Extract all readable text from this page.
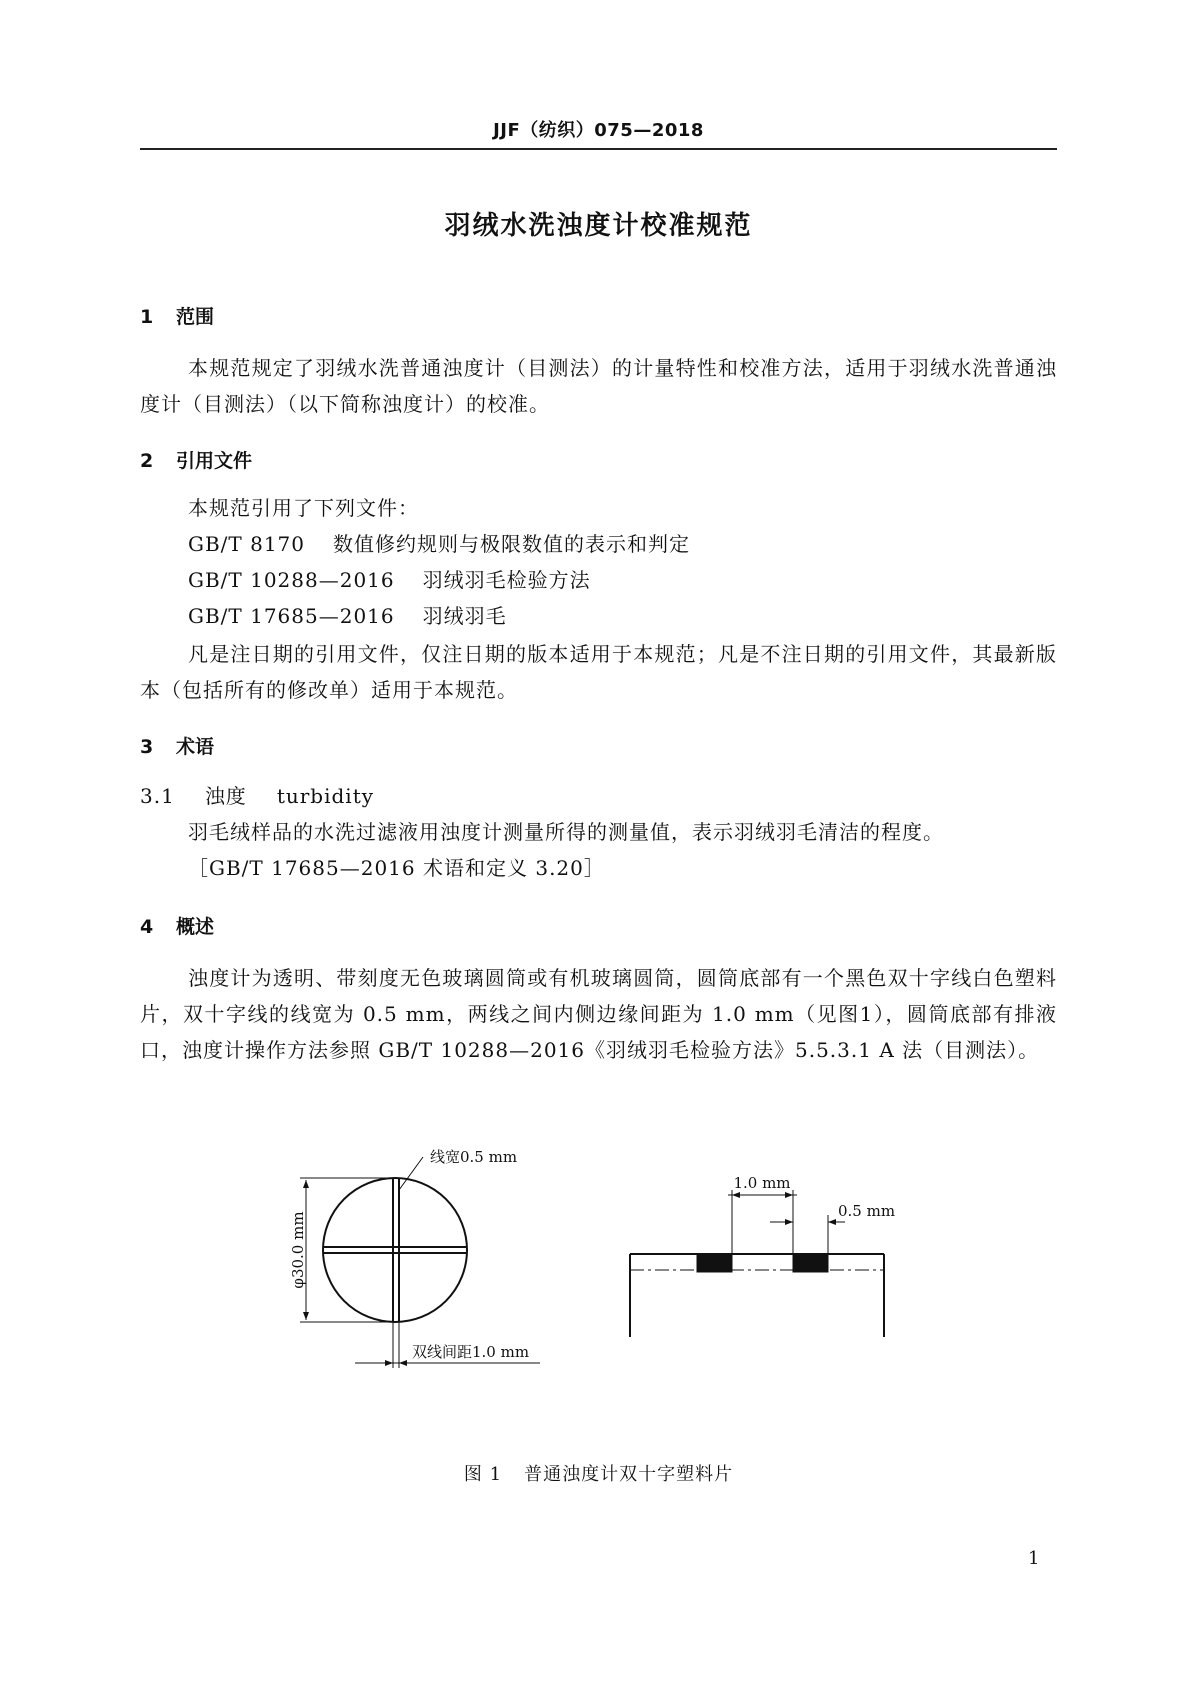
JJF（纺织）075—2018
羽绒水洗浊度计校准规范
1 范围
本规范规定了羽绒水洗普通浊度计（目测法）的计量特性和校准方法，适用于羽绒水洗普通浊度计（目测法）（以下简称浊度计）的校准。
2 引用文件
本规范引用了下列文件：
GB/T 8170 数值修约规则与极限数值的表示和判定
GB/T 10288—2016 羽绒羽毛检验方法
GB/T 17685—2016 羽绒羽毛
凡是注日期的引用文件，仅注日期的版本适用于本规范；凡是不注日期的引用文件，其最新版本（包括所有的修改单）适用于本规范。
3 术语
3.1 浊度 turbidity
羽毛绒样品的水洗过滤液用浊度计测量所得的测量值，表示羽绒羽毛清洁的程度。
［GB/T 17685—2016 术语和定义 3.20］
4 概述
浊度计为透明、带刻度无色玻璃圆筒或有机玻璃圆筒，圆筒底部有一个黑色双十字线白色塑料片，双十字线的线宽为 0.5 mm，两线之间内侧边缘间距为 1.0 mm（见图1），圆筒底部有排液口，浊度计操作方法参照 GB/T 10288—2016《羽绒羽毛检验方法》5.5.3.1 A 法（目测法）。
线宽0.5 mm
φ30.0 mm
双线间距1.0 mm
1.0 mm
0.5 mm
图 1 普通浊度计双十字塑料片
1
